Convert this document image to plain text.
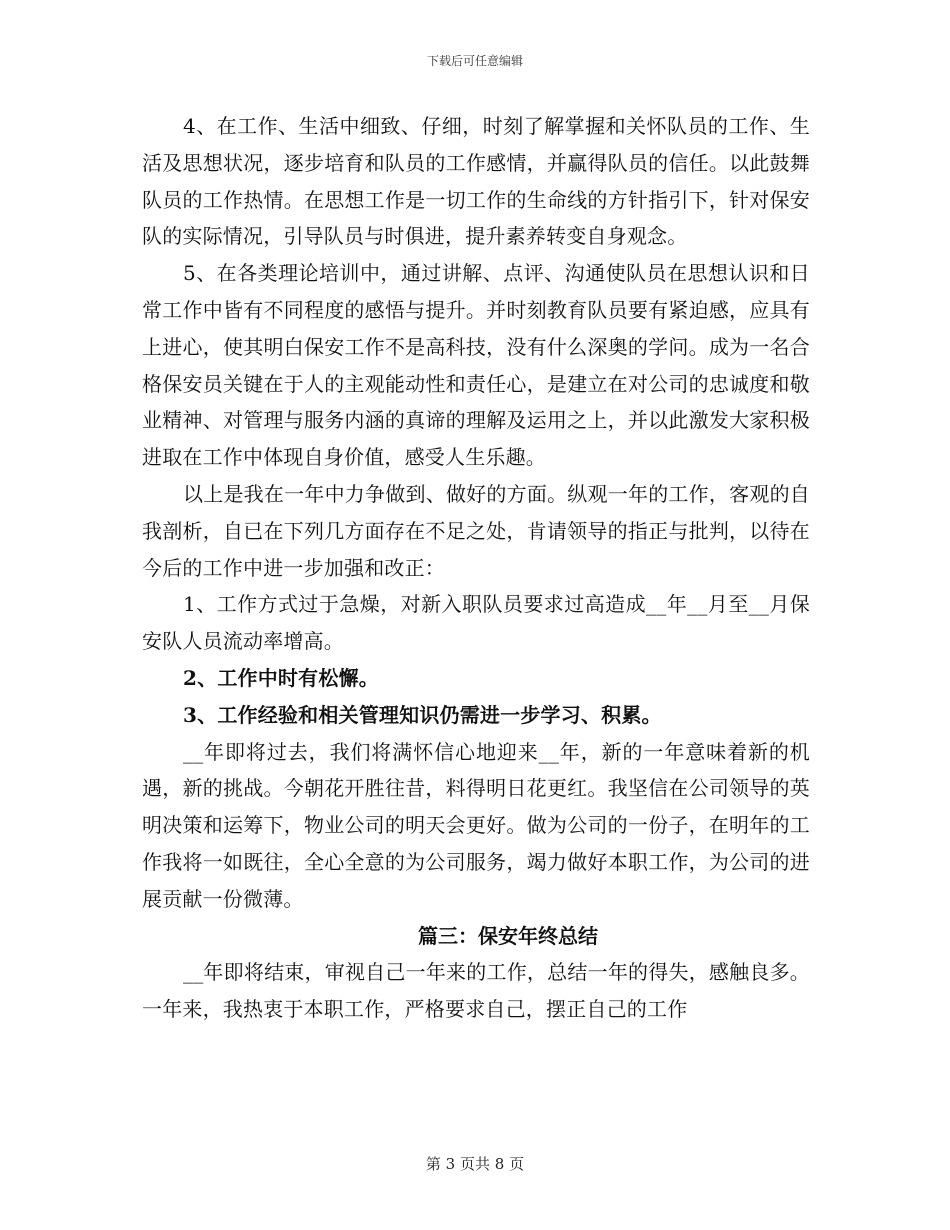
下载后可任意编辑

4、在工作、生活中细致、仔细，时刻了解掌握和关怀队员的工作、生活及思想状况，逐步培育和队员的工作感情，并赢得队员的信任。以此鼓舞队员的工作热情。在思想工作是一切工作的生命线的方针指引下，针对保安队的实际情况，引导队员与时俱进，提升素养转变自身观念。

5、在各类理论培训中，通过讲解、点评、沟通使队员在思想认识和日常工作中皆有不同程度的感悟与提升。并时刻教育队员要有紧迫感，应具有上进心，使其明白保安工作不是高科技，没有什么深奥的学问。成为一名合格保安员关键在于人的主观能动性和责任心，是建立在对公司的忠诚度和敬业精神、对管理与服务内涵的真谛的理解及运用之上，并以此激发大家积极进取在工作中体现自身价值，感受人生乐趣。

以上是我在一年中力争做到、做好的方面。纵观一年的工作，客观的自我剖析，自已在下列几方面存在不足之处，肯请领导的指正与批判，以待在今后的工作中进一步加强和改正：

1、工作方式过于急燥，对新入职队员要求过高造成__年__月至__月保安队人员流动率增高。

2、工作中时有松懈。

3、工作经验和相关管理知识仍需进一步学习、积累。

__年即将过去，我们将满怀信心地迎来__年，新的一年意味着新的机遇，新的挑战。今朝花开胜往昔，料得明日花更红。我坚信在公司领导的英明决策和运筹下，物业公司的明天会更好。做为公司的一份子，在明年的工作我将一如既往，全心全意的为公司服务，竭力做好本职工作，为公司的进展贡献一份微薄。

篇三：保安年终总结

__年即将结束，审视自己一年来的工作，总结一年的得失，感触良多。一年来，我热衷于本职工作，严格要求自己，摆正自己的工作

第 3 页共 8 页
